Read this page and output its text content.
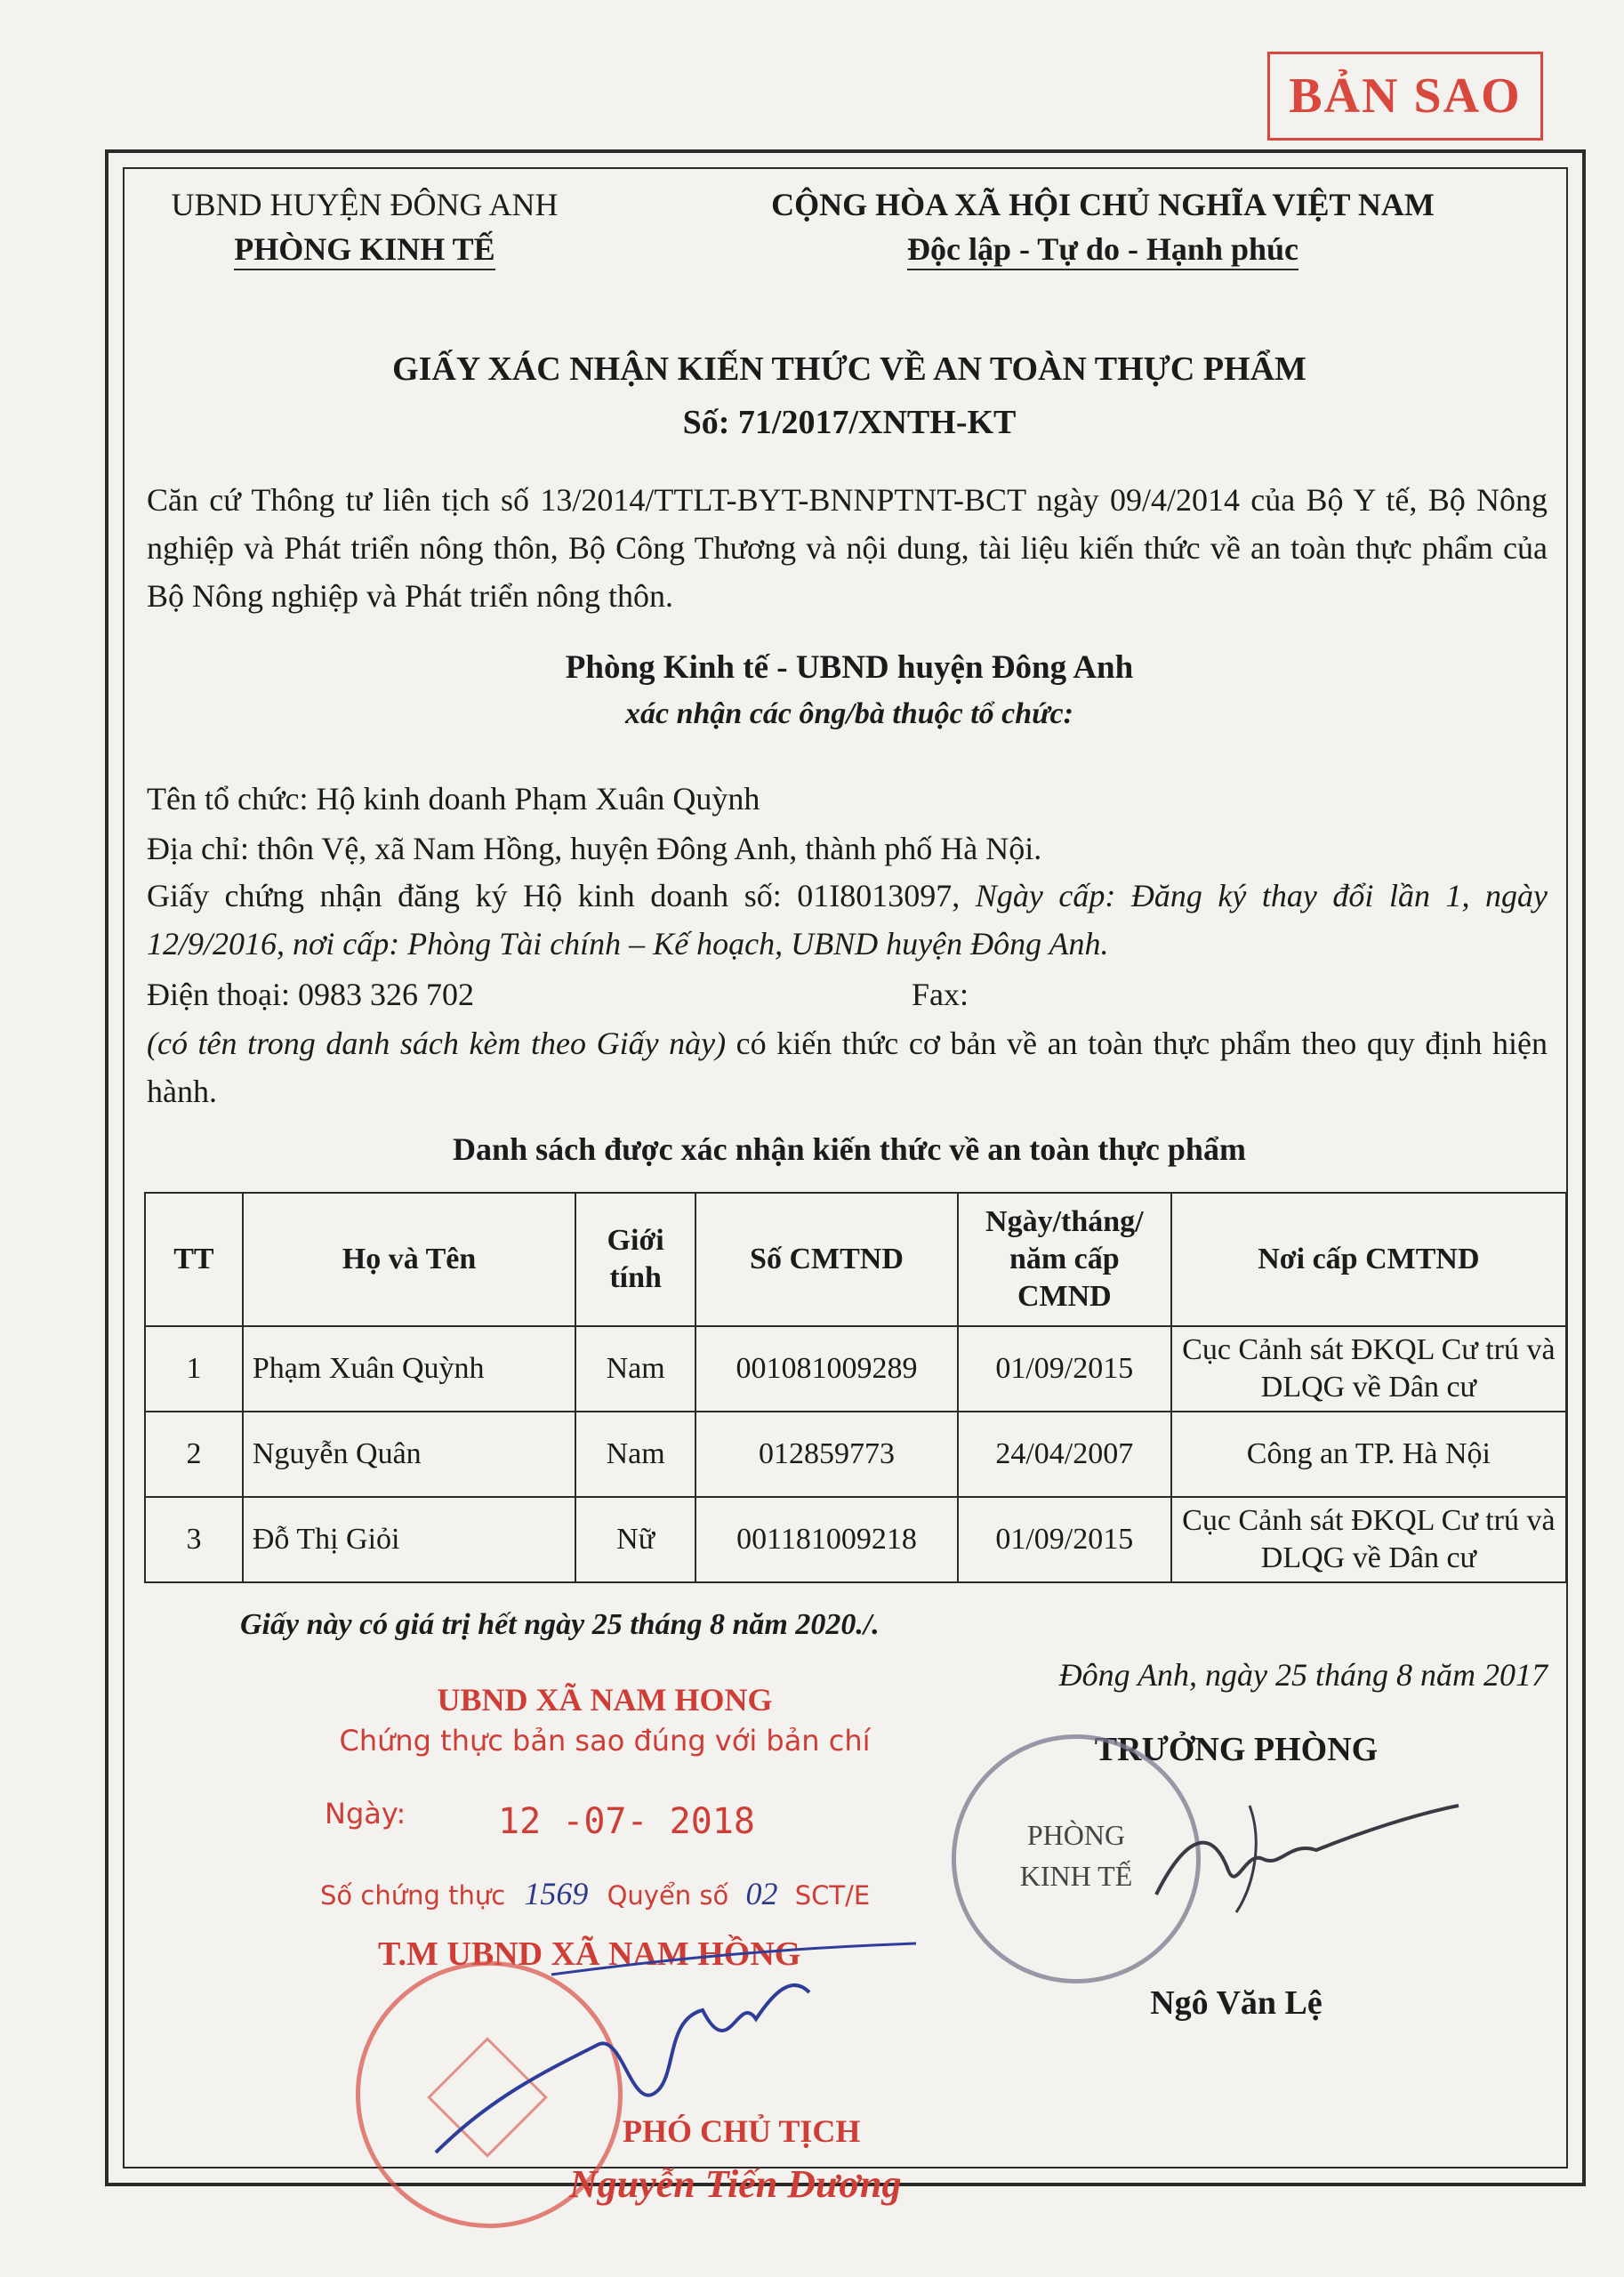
BẢN SAO
UBND HUYỆN ĐÔNG ANH
PHÒNG KINH TẾ
CỘNG HÒA XÃ HỘI CHỦ NGHĨA VIỆT NAM
Độc lập - Tự do - Hạnh phúc
GIẤY XÁC NHẬN KIẾN THỨC VỀ AN TOÀN THỰC PHẨM
Số: 71/2017/XNTH-KT

Căn cứ Thông tư liên tịch số 13/2014/TTLT-BYT-BNNPTNT-BCT ngày 09/4/2014 của Bộ Y tế, Bộ Nông nghiệp và Phát triển nông thôn, Bộ Công Thương và nội dung, tài liệu kiến thức về an toàn thực phẩm của Bộ Nông nghiệp và Phát triển nông thôn.

Phòng Kinh tế - UBND huyện Đông Anh
xác nhận các ông/bà thuộc tổ chức:
Tên tổ chức: Hộ kinh doanh Phạm Xuân Quỳnh
Địa chỉ: thôn Vệ, xã Nam Hồng, huyện Đông Anh, thành phố Hà Nội.

Giấy chứng nhận đăng ký Hộ kinh doanh số: 01I8013097, Ngày cấp: Đăng ký thay đổi lần 1, ngày 12/9/2016, nơi cấp: Phòng Tài chính – Kế hoạch, UBND huyện Đông Anh.

Điện thoại: 0983 326 702	Fax:

(có tên trong danh sách kèm theo Giấy này) có kiến thức cơ bản về an toàn thực phẩm theo quy định hiện hành.

Danh sách được xác nhận kiến thức về an toàn thực phẩm
TT	Họ và Tên	Giới tính	Số CMTND	Ngày/tháng/ năm cấp CMND	Nơi cấp CMTND
1	Phạm Xuân Quỳnh	Nam	001081009289	01/09/2015	Cục Cảnh sát ĐKQL Cư trú và DLQG về Dân cư
2	Nguyễn Quân	Nam	012859773	24/04/2007	Công an TP. Hà Nội
3	Đỗ Thị Giỏi	Nữ	001181009218	01/09/2015	Cục Cảnh sát ĐKQL Cư trú và DLQG về Dân cư
Giấy này có giá trị hết ngày 25 tháng 8 năm 2020./.
Đông Anh, ngày 25 tháng 8 năm 2017
TRƯỞNG PHÒNG
PHÒNG KINH TẾ
Ngô Văn Lệ
UBND XÃ NAM HONG
Chứng thực bản sao đúng với bản chí
Ngày:	12 -07- 2018
Số chứng thực 1569 Quyển số 02 SCT/E
T.M UBND XÃ NAM HỒNG
PHÓ CHỦ TỊCH
Nguyễn Tiến Dương
